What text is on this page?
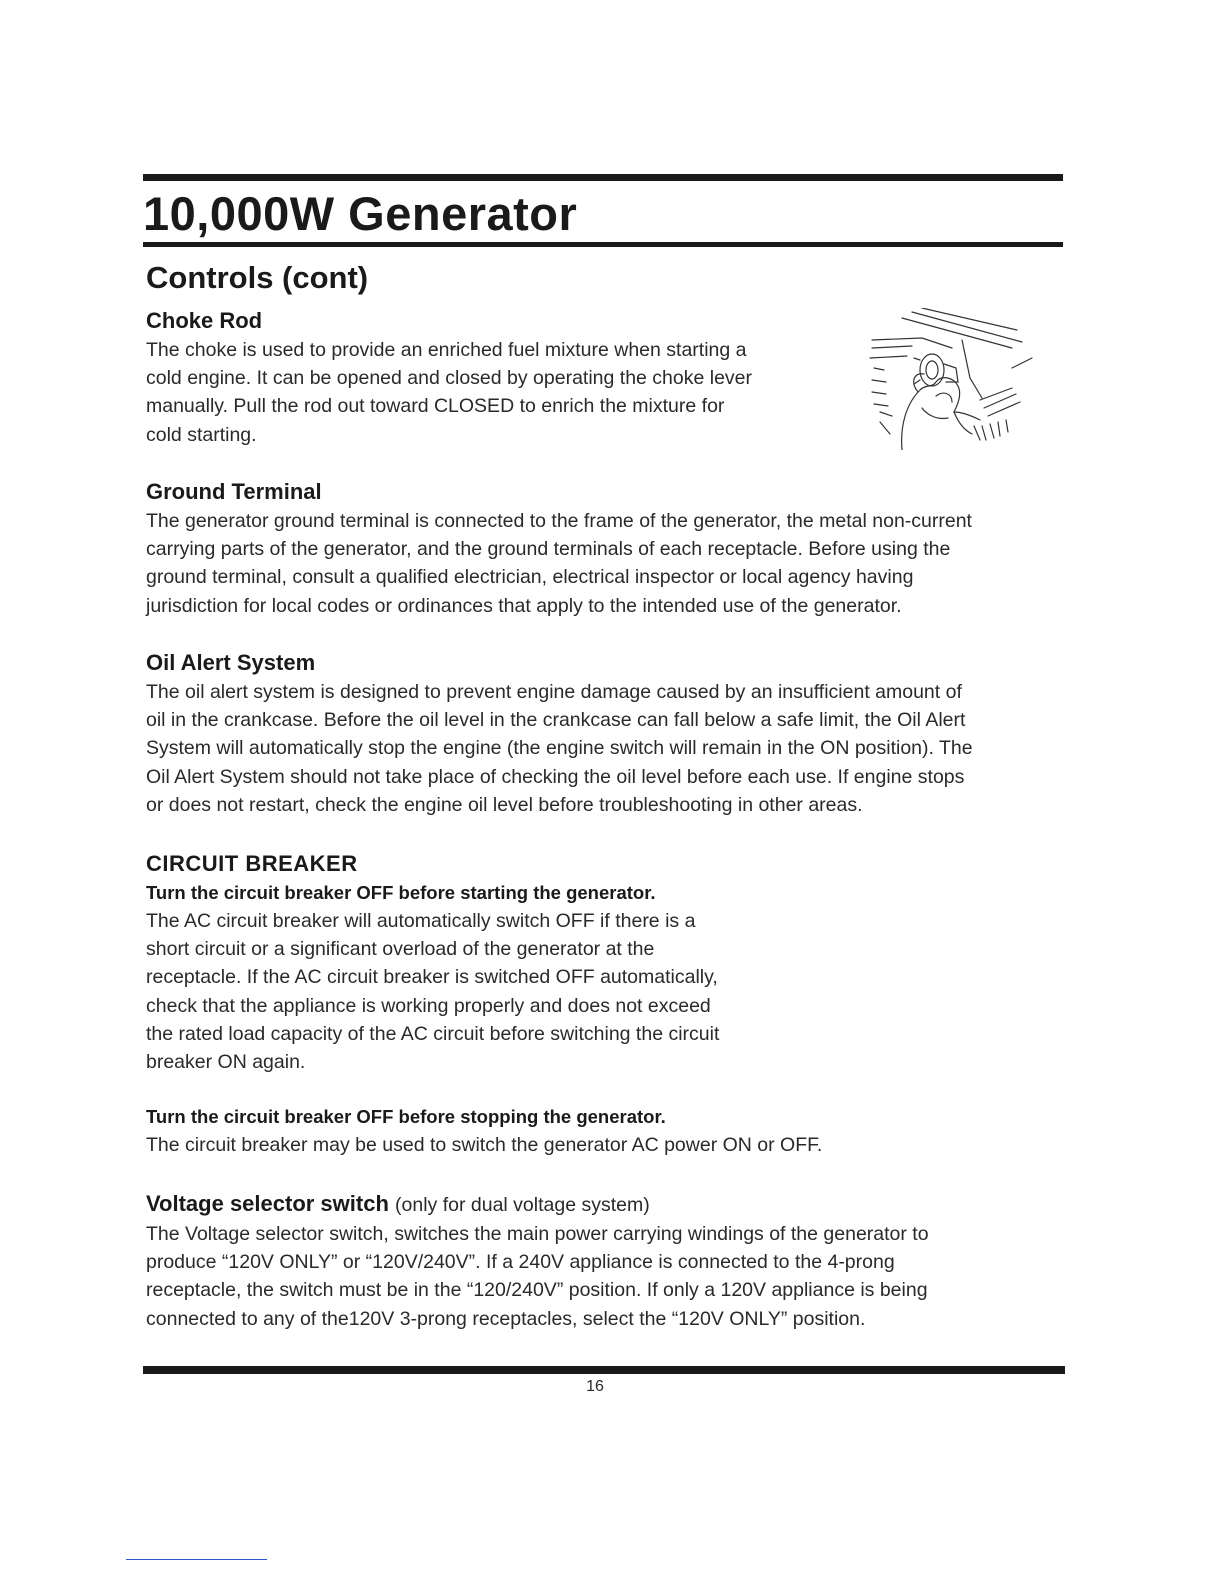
10,000W Generator
Controls (cont)
Choke Rod

The choke is used to provide an enriched fuel mixture when starting a

cold engine. It can be opened and closed by operating the choke lever

manually. Pull the rod out toward CLOSED to enrich the mixture for

cold starting.

Ground Terminal

The generator ground terminal is connected to the frame of the generator, the metal non-current

carrying parts of the generator, and the ground terminals of each receptacle. Before using the

ground terminal, consult a qualified electrician, electrical inspector or local agency having

jurisdiction for local codes or ordinances that apply to the intended use of the generator.

Oil Alert System

The oil alert system is designed to prevent engine damage caused by an insufficient amount of

oil in the crankcase. Before the oil level in the crankcase can fall below a safe limit, the Oil Alert

System will automatically stop the engine (the engine switch will remain in the ON position). The

Oil Alert System should not take place of checking the oil level before each use. If engine stops

or does not restart, check the engine oil level before troubleshooting in other areas.

CIRCUIT BREAKER

Turn the circuit breaker OFF before starting the generator.

The AC circuit breaker will automatically switch OFF if there is a

short circuit or a significant overload of the generator at the

receptacle. If the AC circuit breaker is switched OFF automatically,

check that the appliance is working properly and does not exceed

the rated load capacity of the AC circuit before switching the circuit

breaker ON again.

Turn the circuit breaker OFF before stopping the generator.

The circuit breaker may be used to switch the generator AC power ON or OFF.

Voltage selector switch (only for dual voltage system)

The Voltage selector switch, switches the main power carrying windings of the generator to

produce “120V ONLY” or “120V/240V”. If a 240V appliance is connected to the 4-prong

receptacle, the switch must be in the “120/240V” position. If only a 120V appliance is being

connected to any of the120V 3-prong receptacles, select the “120V ONLY” position.

16
